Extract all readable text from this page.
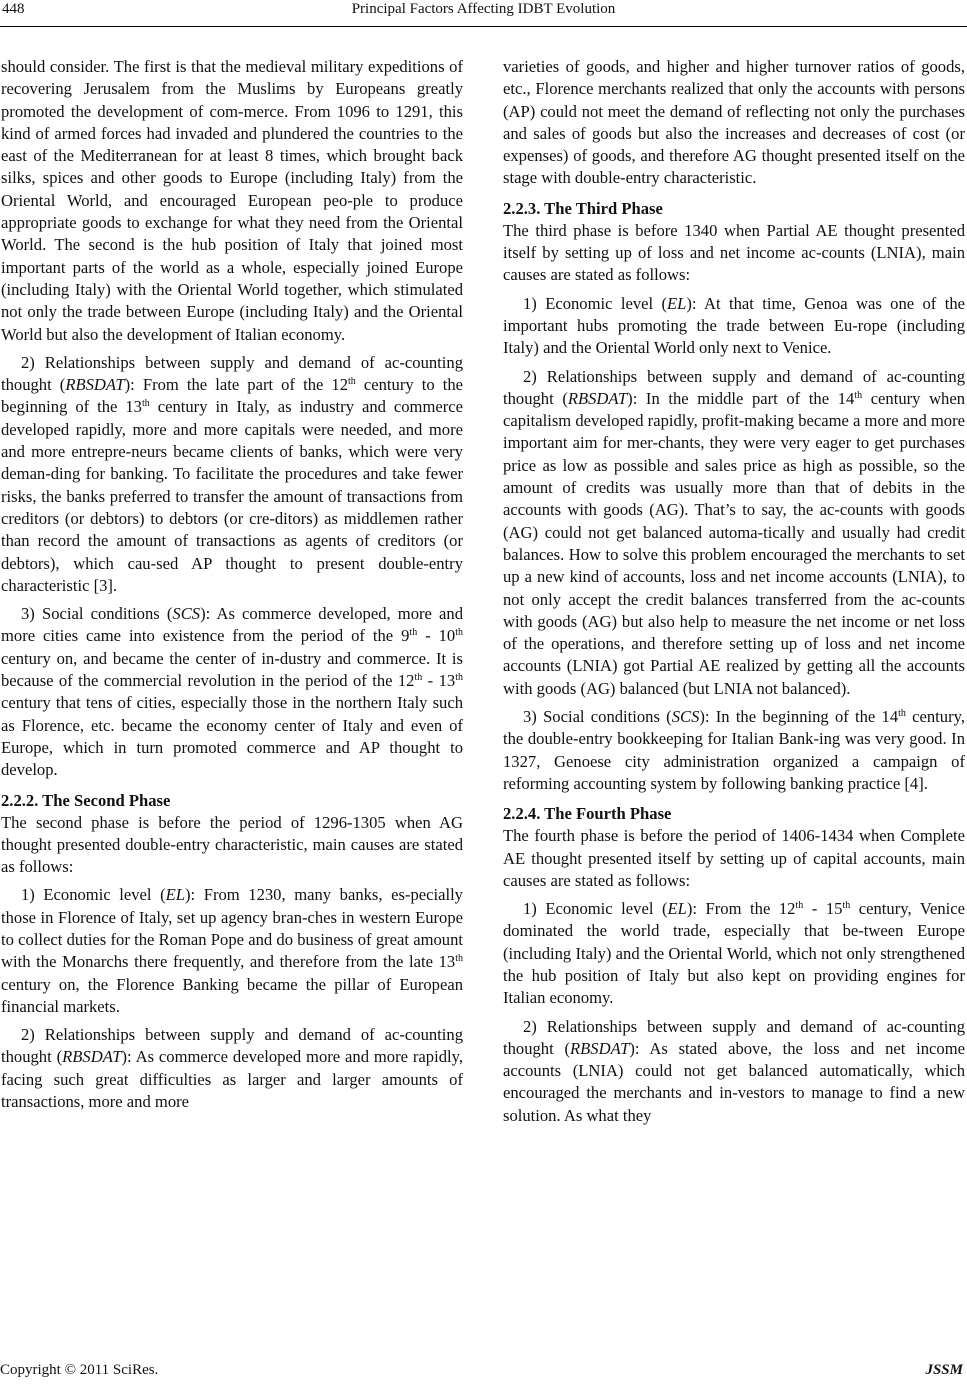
448	Principal Factors Affecting IDBT Evolution

should consider. The first is that the medieval military expeditions of recovering Jerusalem from the Muslims by Europeans greatly promoted the development of com-merce. From 1096 to 1291, this kind of armed forces had invaded and plundered the countries to the east of the Mediterranean for at least 8 times, which brought back silks, spices and other goods to Europe (including Italy) from the Oriental World, and encouraged European peo-ple to produce appropriate goods to exchange for what they need from the Oriental World. The second is the hub position of Italy that joined most important parts of the world as a whole, especially joined Europe (including Italy) with the Oriental World together, which stimulated not only the trade between Europe (including Italy) and the Oriental World but also the development of Italian economy.

2) Relationships between supply and demand of ac-counting thought (RBSDAT): From the late part of the 12th century to the beginning of the 13th century in Italy, as industry and commerce developed rapidly, more and more capitals were needed, and more and more entrepre-neurs became clients of banks, which were very deman-ding for banking. To facilitate the procedures and take fewer risks, the banks preferred to transfer the amount of transactions from creditors (or debtors) to debtors (or cre-ditors) as middlemen rather than record the amount of transactions as agents of creditors (or debtors), which cau-sed AP thought to present double-entry characteristic [3].

3) Social conditions (SCS): As commerce developed, more and more cities came into existence from the period of the 9th - 10th century on, and became the center of in-dustry and commerce. It is because of the commercial revolution in the period of the 12th - 13th century that tens of cities, especially those in the northern Italy such as Florence, etc. became the economy center of Italy and even of Europe, which in turn promoted commerce and AP thought to develop.

2.2.2. The Second Phase

The second phase is before the period of 1296-1305 when AG thought presented double-entry characteristic, main causes are stated as follows:

1) Economic level (EL): From 1230, many banks, es-pecially those in Florence of Italy, set up agency bran-ches in western Europe to collect duties for the Roman Pope and do business of great amount with the Monarchs there frequently, and therefore from the late 13th century on, the Florence Banking became the pillar of European financial markets.

2) Relationships between supply and demand of ac-counting thought (RBSDAT): As commerce developed more and more rapidly, facing such great difficulties as larger and larger amounts of transactions, more and more

varieties of goods, and higher and higher turnover ratios of goods, etc., Florence merchants realized that only the accounts with persons (AP) could not meet the demand of reflecting not only the purchases and sales of goods but also the increases and decreases of cost (or expenses) of goods, and therefore AG thought presented itself on the stage with double-entry characteristic.

2.2.3. The Third Phase

The third phase is before 1340 when Partial AE thought presented itself by setting up of loss and net income ac-counts (LNIA), main causes are stated as follows:

1) Economic level (EL): At that time, Genoa was one of the important hubs promoting the trade between Eu-rope (including Italy) and the Oriental World only next to Venice.

2) Relationships between supply and demand of ac-counting thought (RBSDAT): In the middle part of the 14th century when capitalism developed rapidly, profit-making became a more and more important aim for mer-chants, they were very eager to get purchases price as low as possible and sales price as high as possible, so the amount of credits was usually more than that of debits in the accounts with goods (AG). That’s to say, the ac-counts with goods (AG) could not get balanced automa-tically and usually had credit balances. How to solve this problem encouraged the merchants to set up a new kind of accounts, loss and net income accounts (LNIA), to not only accept the credit balances transferred from the ac-counts with goods (AG) but also help to measure the net income or net loss of the operations, and therefore setting up of loss and net income accounts (LNIA) got Partial AE realized by getting all the accounts with goods (AG) balanced (but LNIA not balanced).

3) Social conditions (SCS): In the beginning of the 14th century, the double-entry bookkeeping for Italian Bank-ing was very good. In 1327, Genoese city administration organized a campaign of reforming accounting system by following banking practice [4].

2.2.4. The Fourth Phase

The fourth phase is before the period of 1406-1434 when Complete AE thought presented itself by setting up of capital accounts, main causes are stated as follows:

1) Economic level (EL): From the 12th - 15th century, Venice dominated the world trade, especially that be-tween Europe (including Italy) and the Oriental World, which not only strengthened the hub position of Italy but also kept on providing engines for Italian economy.

2) Relationships between supply and demand of ac-counting thought (RBSDAT): As stated above, the loss and net income accounts (LNIA) could not get balanced automatically, which encouraged the merchants and in-vestors to manage to find a new solution. As what they

Copyright © 2011 SciRes.	JSSM
